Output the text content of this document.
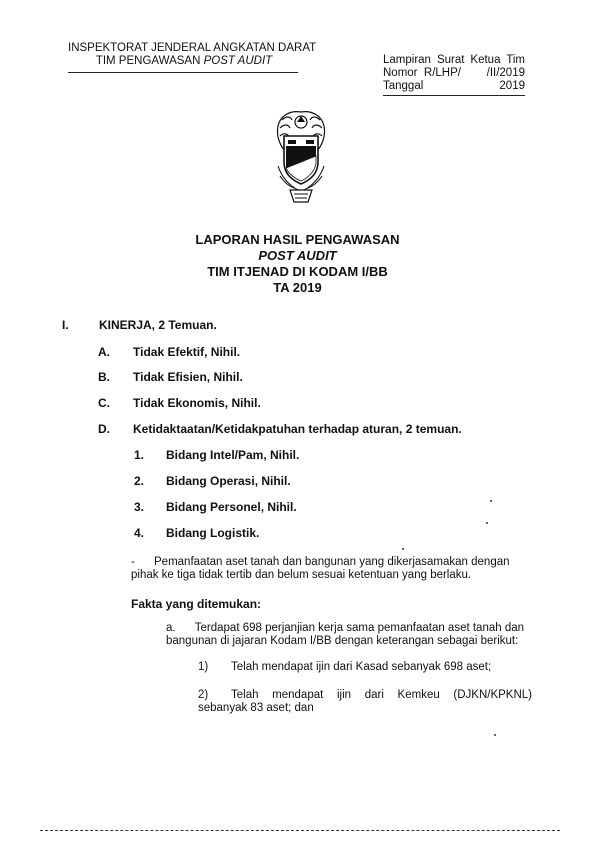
INSPEKTORAT JENDERAL ANGKATAN DARAT
TIM PENGAWASAN POST AUDIT	Lampiran Surat Ketua Tim
Nomor R/LHP/ /II/2019
Tanggal	2019
LAPORAN HASIL PENGAWASAN
POST AUDIT
TIM ITJENAD DI KODAM I/BB
TA 2019
I.	KINERJA, 2 Temuan.
A. Tidak Efektif, Nihil.
B. Tidak Efisien, Nihil.
C. Tidak Ekonomis, Nihil.
D. Ketidaktaatan/Ketidakpatuhan terhadap aturan, 2 temuan.
1. Bidang Intel/Pam, Nihil.
2. Bidang Operasi, Nihil.
3. Bidang Personel, Nihil.
4. Bidang Logistik.
- Pemanfaatan aset tanah dan bangunan yang dikerjasamakan dengan pihak ke tiga tidak tertib dan belum sesuai ketentuan yang berlaku.
Fakta yang ditemukan:
a. Terdapat 698 perjanjian kerja sama pemanfaatan aset tanah dan bangunan di jajaran Kodam I/BB dengan keterangan sebagai berikut:
1) Telah mendapat ijin dari Kasad sebanyak 698 aset;
2)	Telah mendapat ijin dari Kemkeu (DJKN/KPKNL) sebanyak 83 aset; dan
